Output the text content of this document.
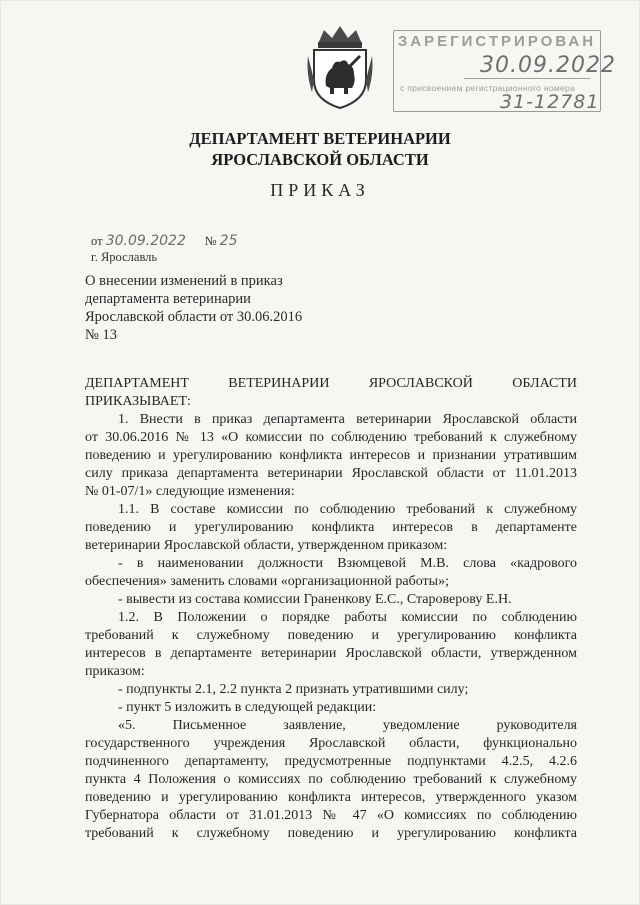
ЗАРЕГИСТРИРОВАН
30.09.2022
с присвоением регистрационного номера
31-12781
ДЕПАРТАМЕНТ ВЕТЕРИНАРИИ
ЯРОСЛАВСКОЙ ОБЛАСТИ
ПРИКАЗ
от 30.09.2022 № 25
г. Ярославль
О внесении изменений в приказ
департамента ветеринарии
Ярославской области от 30.06.2016
№ 13
ДЕПАРТАМЕНТ ВЕТЕРИНАРИИ ЯРОСЛАВСКОЙ ОБЛАСТИ
ПРИКАЗЫВАЕТ:
1. Внести в приказ департамента ветеринарии Ярославской области
от 30.06.2016 № 13 «О комиссии по соблюдению требований к служебному
поведению и урегулированию конфликта интересов и признании утратившим
силу приказа департамента ветеринарии Ярославской области от 11.01.2013
№ 01-07/1» следующие изменения:
1.1. В составе комиссии по соблюдению требований к служебному
поведению и урегулированию конфликта интересов в департаменте
ветеринарии Ярославской области, утвержденном приказом:
- в наименовании должности Взюмцевой М.В. слова «кадрового
обеспечения» заменить словами «организационной работы»;
- вывести из состава комиссии Граненкову Е.С., Староверову Е.Н.
1.2. В Положении о порядке работы комиссии по соблюдению
требований к служебному поведению и урегулированию конфликта
интересов в департаменте ветеринарии Ярославской области, утвержденном
приказом:
- подпункты 2.1, 2.2 пункта 2 признать утратившими силу;
- пункт 5 изложить в следующей редакции:
«5. Письменное заявление, уведомление руководителя
государственного учреждения Ярославской области, функционально
подчиненного департаменту, предусмотренные подпунктами 4.2.5, 4.2.6
пункта 4 Положения о комиссиях по соблюдению требований к служебному
поведению и урегулированию конфликта интересов, утвержденного указом
Губернатора области от 31.01.2013 № 47 «О комиссиях по соблюдению
требований к служебному поведению и урегулированию конфликта
